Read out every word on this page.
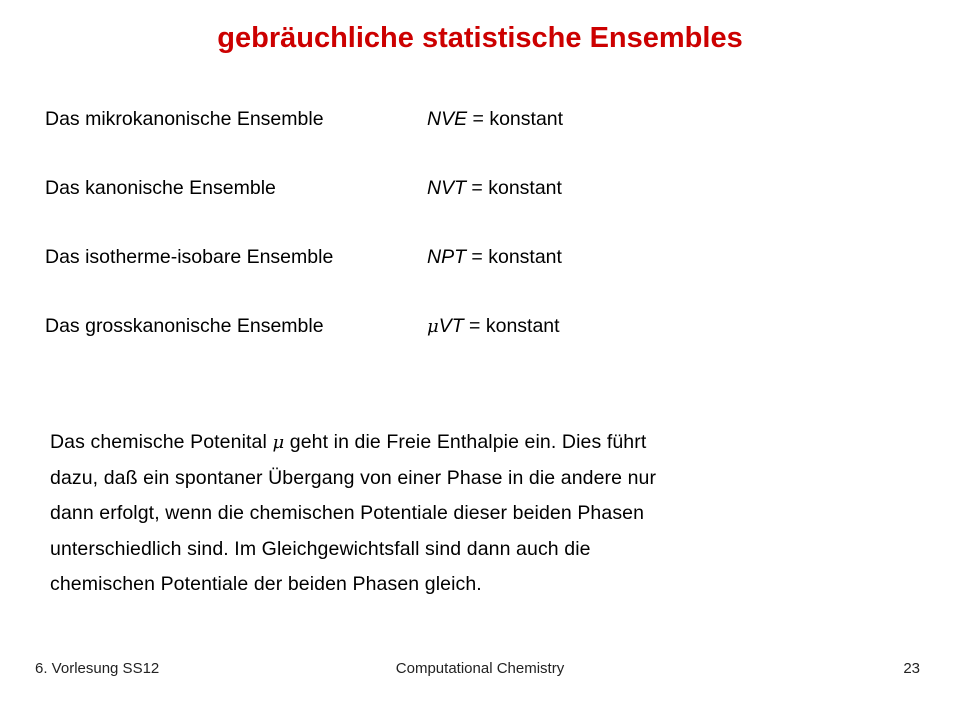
gebräuchliche statistische Ensembles
Das mikrokanonische Ensemble	NVE = konstant
Das kanonische Ensemble	NVT = konstant
Das isotherme-isobare Ensemble	NPT = konstant
Das grosskanonische Ensemble	μVT = konstant
Das chemische Potenital μ geht in die Freie Enthalpie ein. Dies führt
dazu, daß ein spontaner Übergang von einer Phase in die andere nur
dann erfolgt, wenn die chemischen Potentiale dieser beiden Phasen
unterschiedlich sind. Im Gleichgewichtsfall sind dann auch die
chemischen Potentiale der beiden Phasen gleich.
6. Vorlesung SS12	Computational Chemistry	23
